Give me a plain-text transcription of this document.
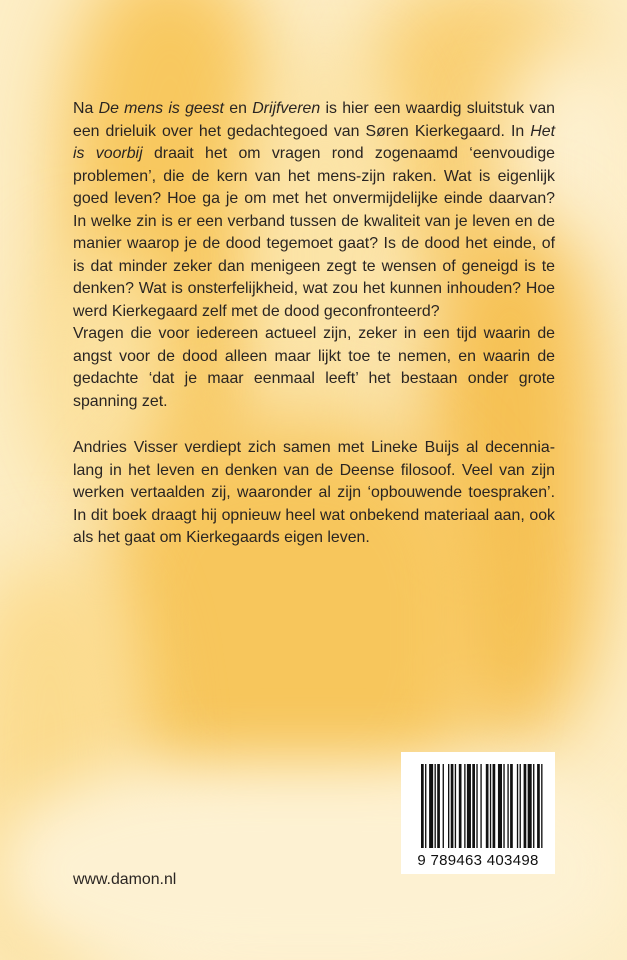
Na De mens is geest en Drijfveren is hier een waardig sluitstuk van een drieluik over het gedachtegoed van Søren Kierkegaard. In Het is voorbij draait het om vragen rond zogenaamd ‘eenvoudige problemen’, die de kern van het mens-zijn raken. Wat is eigenlijk goed leven? Hoe ga je om met het onvermijdelijke einde daarvan? In welke zin is er een verband tussen de kwaliteit van je leven en de manier waarop je de dood tegemoet gaat? Is de dood het einde, of is dat minder zeker dan menigeen zegt te wensen of geneigd is te denken? Wat is onsterfelijkheid, wat zou het kunnen inhouden? Hoe werd Kierkegaard zelf met de dood geconfronteerd?

Vragen die voor iedereen actueel zijn, zeker in een tijd waarin de angst voor de dood alleen maar lijkt toe te nemen, en waarin de gedachte ‘dat je maar eenmaal leeft’ het bestaan onder grote spanning zet.

Andries Visser verdiept zich samen met Lineke Buijs al decennialang in het leven en denken van de Deense filosoof. Veel van zijn werken vertaalden zij, waaronder al zijn ‘opbouwende toespraken’. In dit boek draagt hij opnieuw heel wat onbekend materiaal aan, ook als het gaat om Kierkegaards eigen leven.

9 789463 403498
www.damon.nl
